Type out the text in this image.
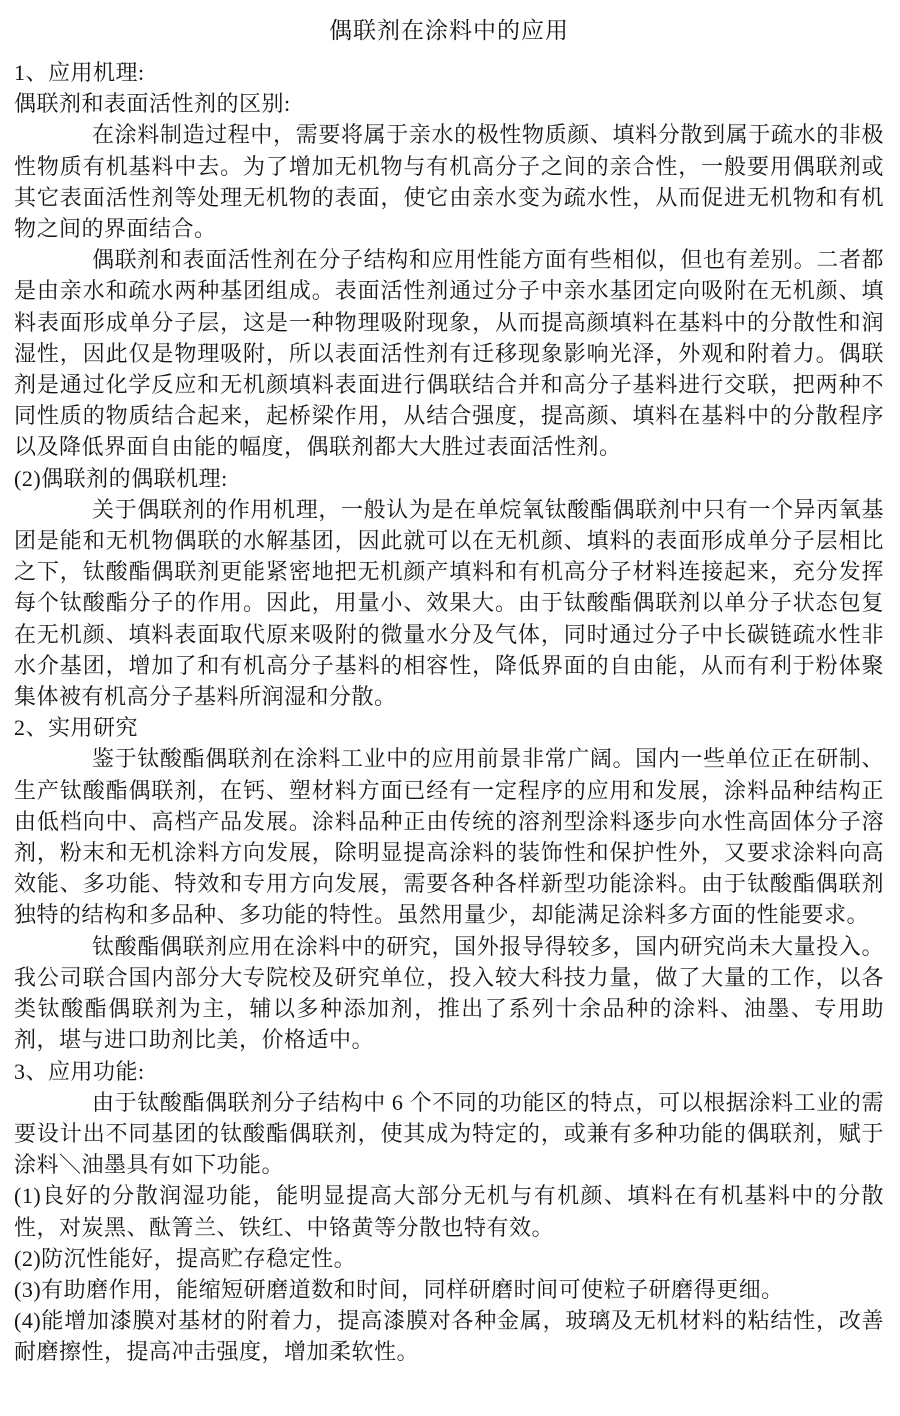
偶联剂在涂料中的应用

1、应用机理:

偶联剂和表面活性剂的区别:

在涂料制造过程中，需要将属于亲水的极性物质颜、填料分散到属于疏水的非极性物质有机基料中去。为了增加无机物与有机高分子之间的亲合性，一般要用偶联剂或其它表面活性剂等处理无机物的表面，使它由亲水变为疏水性，从而促进无机物和有机物之间的界面结合。

偶联剂和表面活性剂在分子结构和应用性能方面有些相似，但也有差别。二者都是由亲水和疏水两种基团组成。表面活性剂通过分子中亲水基团定向吸附在无机颜、填料表面形成单分子层，这是一种物理吸附现象，从而提高颜填料在基料中的分散性和润湿性，因此仅是物理吸附，所以表面活性剂有迁移现象影响光泽，外观和附着力。偶联剂是通过化学反应和无机颜填料表面进行偶联结合并和高分子基料进行交联，把两种不同性质的物质结合起来，起桥梁作用，从结合强度，提高颜、填料在基料中的分散程序以及降低界面自由能的幅度，偶联剂都大大胜过表面活性剂。

(2)偶联剂的偶联机理:

关于偶联剂的作用机理，一般认为是在单烷氧钛酸酯偶联剂中只有一个异丙氧基团是能和无机物偶联的水解基团，因此就可以在无机颜、填料的表面形成单分子层相比之下，钛酸酯偶联剂更能紧密地把无机颜产填料和有机高分子材料连接起来，充分发挥每个钛酸酯分子的作用。因此，用量小、效果大。由于钛酸酯偶联剂以单分子状态包复在无机颜、填料表面取代原来吸附的微量水分及气体，同时通过分子中长碳链疏水性非水介基团，增加了和有机高分子基料的相容性，降低界面的自由能，从而有利于粉体聚集体被有机高分子基料所润湿和分散。

2、实用研究

鉴于钛酸酯偶联剂在涂料工业中的应用前景非常广阔。国内一些单位正在研制、生产钛酸酯偶联剂，在钙、塑材料方面已经有一定程序的应用和发展，涂料品种结构正由低档向中、高档产品发展。涂料品种正由传统的溶剂型涂料逐步向水性高固体分子溶剂，粉末和无机涂料方向发展，除明显提高涂料的装饰性和保护性外，又要求涂料向高效能、多功能、特效和专用方向发展，需要各种各样新型功能涂料。由于钛酸酯偶联剂独特的结构和多品种、多功能的特性。虽然用量少，却能满足涂料多方面的性能要求。

钛酸酯偶联剂应用在涂料中的研究，国外报导得较多，国内研究尚未大量投入。我公司联合国内部分大专院校及研究单位，投入较大科技力量，做了大量的工作，以各类钛酸酯偶联剂为主，辅以多种添加剂，推出了系列十余品种的涂料、油墨、专用助剂，堪与进口助剂比美，价格适中。

3、应用功能:

由于钛酸酯偶联剂分子结构中 6 个不同的功能区的特点，可以根据涂料工业的需要设计出不同基团的钛酸酯偶联剂，使其成为特定的，或兼有多种功能的偶联剂，赋于涂料＼油墨具有如下功能。

(1)良好的分散润湿功能，能明显提高大部分无机与有机颜、填料在有机基料中的分散性，对炭黑、酞箐兰、铁红、中铬黄等分散也特有效。

(2)防沉性能好，提高贮存稳定性。

(3)有助磨作用，能缩短研磨道数和时间，同样研磨时间可使粒子研磨得更细。

(4)能增加漆膜对基材的附着力，提高漆膜对各种金属，玻璃及无机材料的粘结性，改善耐磨擦性，提高冲击强度，增加柔软性。
